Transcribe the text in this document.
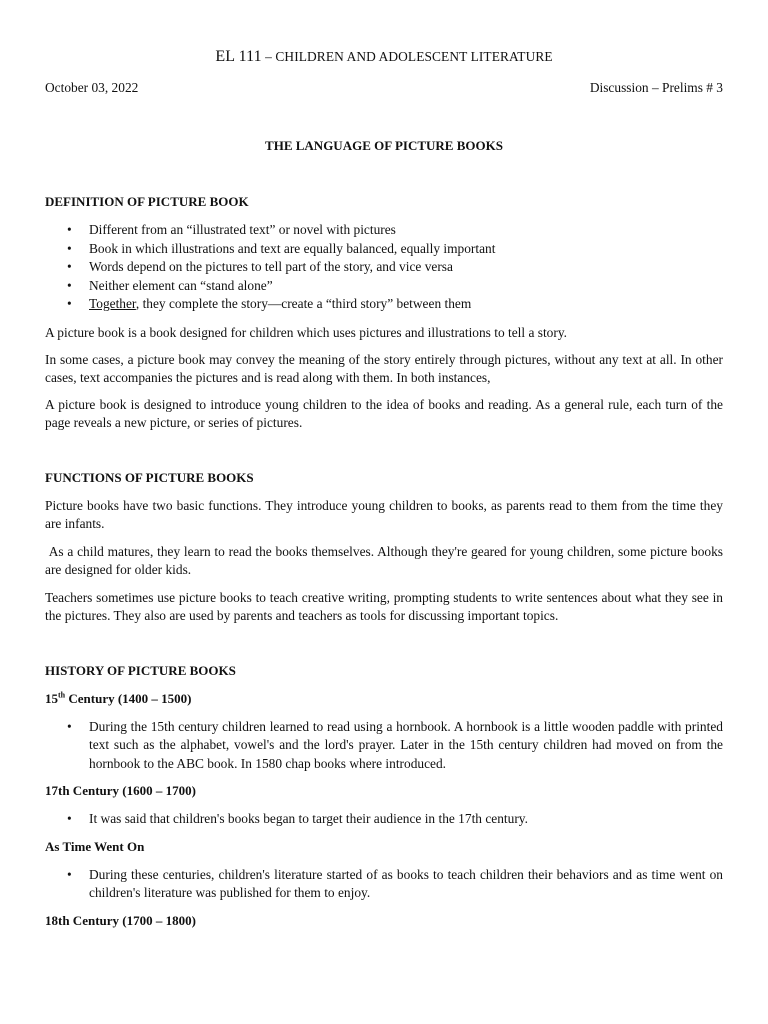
EL 111 – CHILDREN AND ADOLESCENT LITERATURE
October 03, 2022	Discussion – Prelims # 3
THE LANGUAGE OF PICTURE BOOKS
DEFINITION OF PICTURE BOOK
• Different from an “illustrated text” or novel with pictures
• Book in which illustrations and text are equally balanced, equally important
• Words depend on the pictures to tell part of the story, and vice versa
• Neither element can “stand alone”
• Together, they complete the story—create a “third story” between them

A picture book is a book designed for children which uses pictures and illustrations to tell a story.

In some cases, a picture book may convey the meaning of the story entirely through pictures, without any text at all. In other cases, text accompanies the pictures and is read along with them. In both instances,

A picture book is designed to introduce young children to the idea of books and reading. As a general rule, each turn of the page reveals a new picture, or series of pictures.

FUNCTIONS OF PICTURE BOOKS

Picture books have two basic functions. They introduce young children to books, as parents read to them from the time they are infants.

As a child matures, they learn to read the books themselves. Although they're geared for young children, some picture books are designed for older kids.

Teachers sometimes use picture books to teach creative writing, prompting students to write sentences about what they see in the pictures. They also are used by parents and teachers as tools for discussing important topics.

HISTORY OF PICTURE BOOKS
15th Century (1400 – 1500)
• During the 15th century children learned to read using a hornbook. A hornbook is a little wooden paddle with printed text such as the alphabet, vowel's and the lord's prayer. Later in the 15th century children had moved on from the hornbook to the ABC book. In 1580 chap books where introduced.
17th Century (1600 – 1700)
• It was said that children's books began to target their audience in the 17th century.
As Time Went On
• During these centuries, children's literature started of as books to teach children their behaviors and as time went on children's literature was published for them to enjoy.
18th Century (1700 – 1800)
